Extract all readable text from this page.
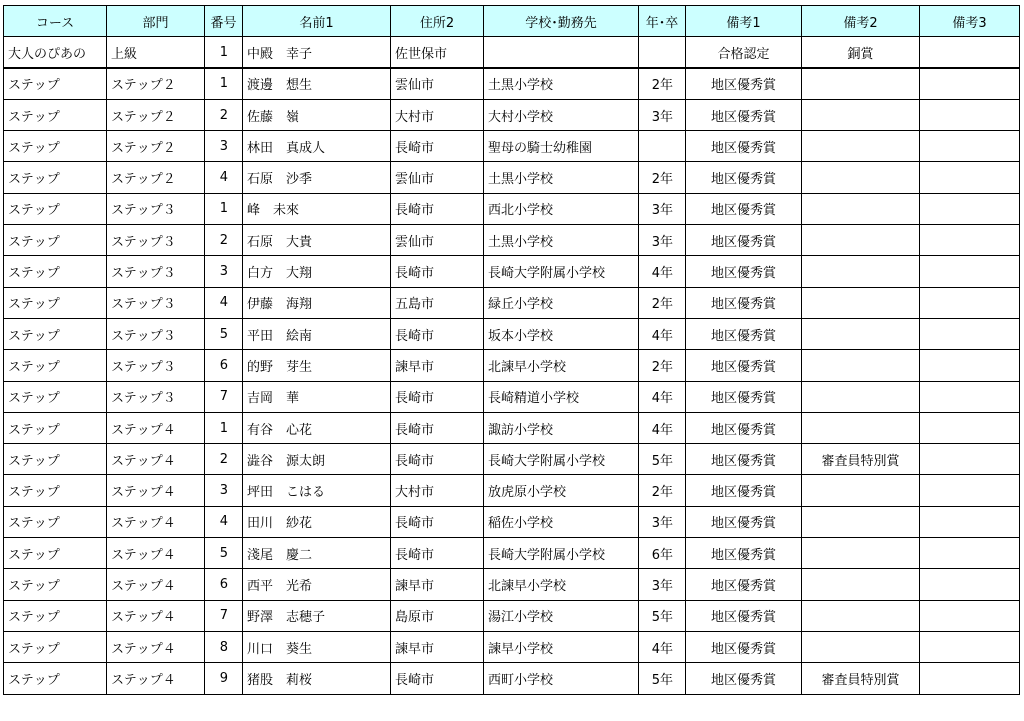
コース	部門	番号	名前1	住所2	学校･勤務先	年･卒	備考1	備考2	備考3
大人のぴあの	上級	1	中殿　幸子	佐世保市			合格認定	銅賞	
ステップ	ステップ２	1	渡邊　想生	雲仙市	土黒小学校	2年	地区優秀賞		
ステップ	ステップ２	2	佐藤　嶺	大村市	大村小学校	3年	地区優秀賞		
ステップ	ステップ２	3	林田　真成人	長崎市	聖母の騎士幼稚園		地区優秀賞		
ステップ	ステップ２	4	石原　沙季	雲仙市	土黒小学校	2年	地区優秀賞		
ステップ	ステップ３	1	峰　未來	長崎市	西北小学校	3年	地区優秀賞		
ステップ	ステップ３	2	石原　大貴	雲仙市	土黒小学校	3年	地区優秀賞		
ステップ	ステップ３	3	白方　大翔	長崎市	長崎大学附属小学校	4年	地区優秀賞		
ステップ	ステップ３	4	伊藤　海翔	五島市	緑丘小学校	2年	地区優秀賞		
ステップ	ステップ３	5	平田　絵南	長崎市	坂本小学校	4年	地区優秀賞		
ステップ	ステップ３	6	的野　芽生	諫早市	北諫早小学校	2年	地区優秀賞		
ステップ	ステップ３	7	吉岡　華	長崎市	長崎精道小学校	4年	地区優秀賞		
ステップ	ステップ４	1	有谷　心花	長崎市	諏訪小学校	4年	地区優秀賞		
ステップ	ステップ４	2	澁谷　源太朗	長崎市	長崎大学附属小学校	5年	地区優秀賞	審査員特別賞	
ステップ	ステップ４	3	坪田　こはる	大村市	放虎原小学校	2年	地区優秀賞		
ステップ	ステップ４	4	田川　紗花	長崎市	稲佐小学校	3年	地区優秀賞		
ステップ	ステップ４	5	淺尾　慶二	長崎市	長崎大学附属小学校	6年	地区優秀賞		
ステップ	ステップ４	6	西平　光希	諫早市	北諫早小学校	3年	地区優秀賞		
ステップ	ステップ４	7	野澤　志穂子	島原市	湯江小学校	5年	地区優秀賞		
ステップ	ステップ４	8	川口　葵生	諫早市	諫早小学校	4年	地区優秀賞		
ステップ	ステップ４	9	猪股　莉桜	長崎市	西町小学校	5年	地区優秀賞	審査員特別賞	
